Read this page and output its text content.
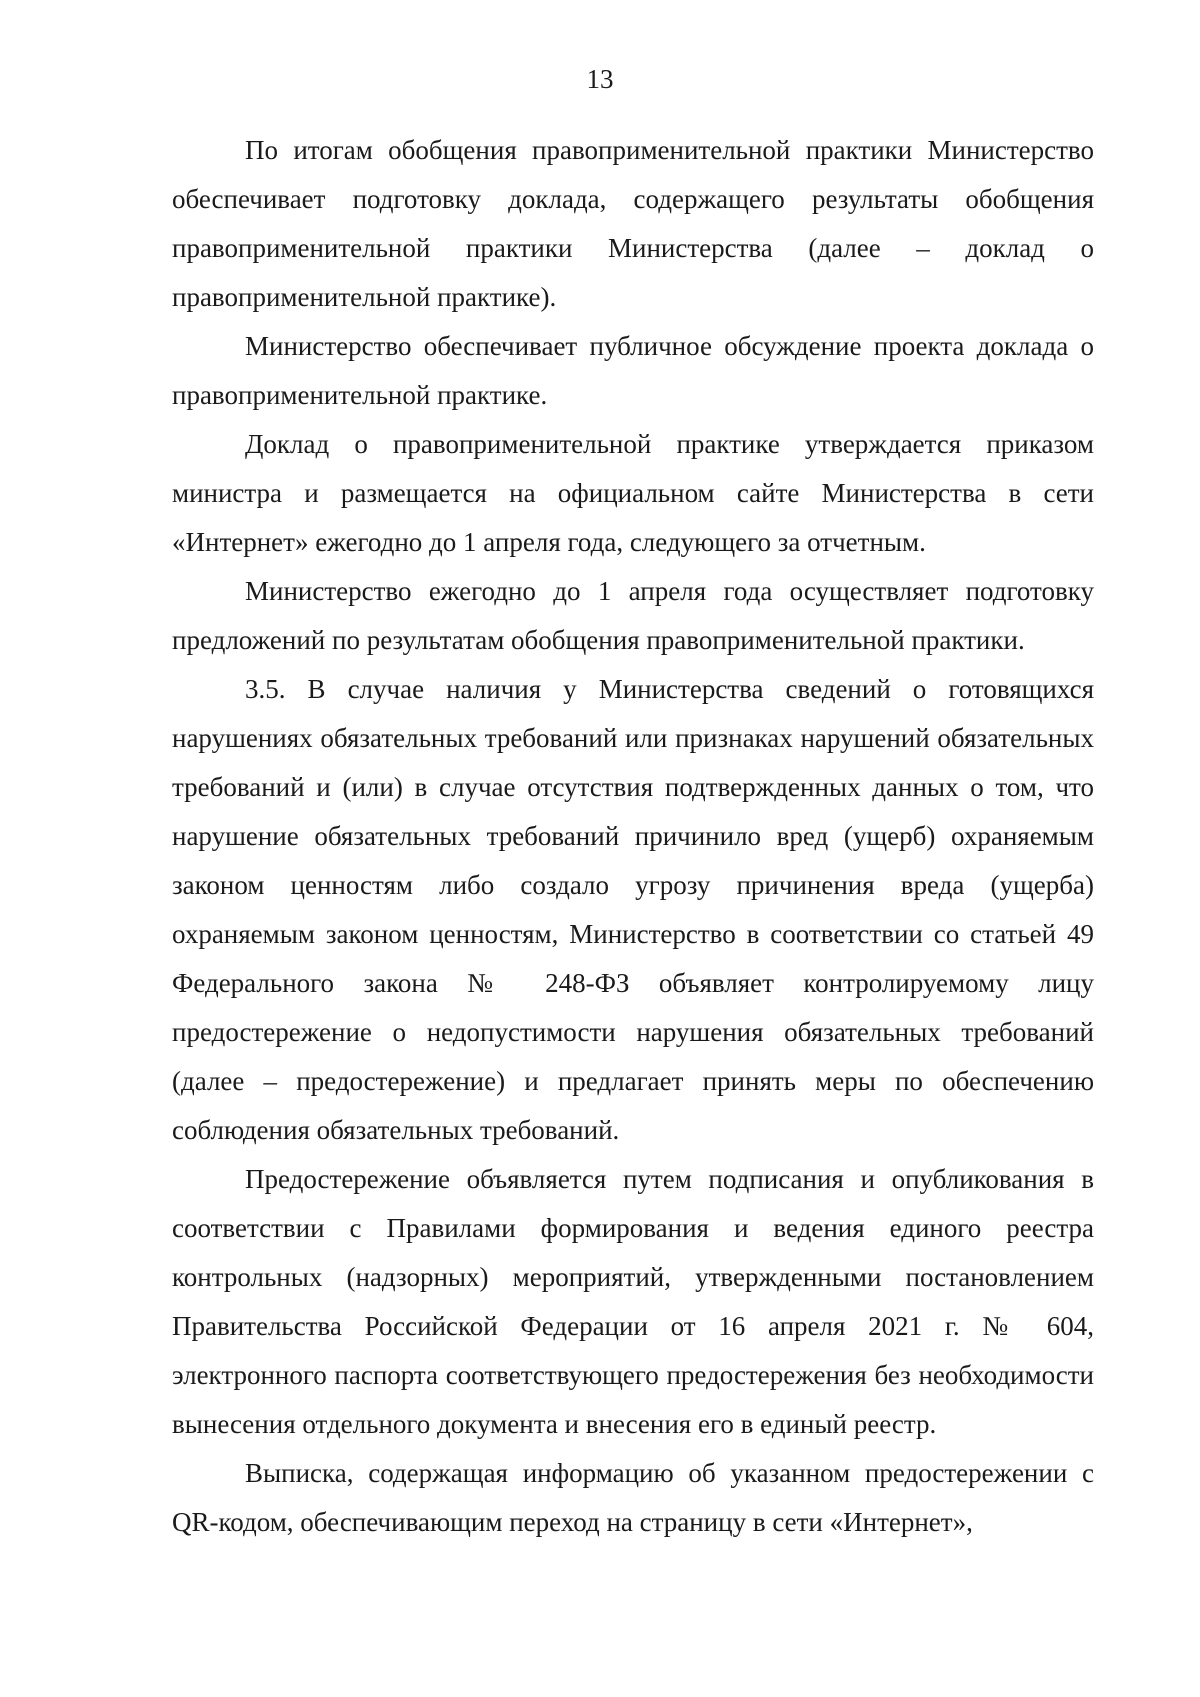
13

По итогам обобщения правоприменительной практики Министерство обеспечивает подготовку доклада, содержащего результаты обобщения правоприменительной практики Министерства (далее – доклад о правоприменительной практике).

Министерство обеспечивает публичное обсуждение проекта доклада о правоприменительной практике.

Доклад о правоприменительной практике утверждается приказом министра и размещается на официальном сайте Министерства в сети «Интернет» ежегодно до 1 апреля года, следующего за отчетным.

Министерство ежегодно до 1 апреля года осуществляет подготовку предложений по результатам обобщения правоприменительной практики.

3.5. В случае наличия у Министерства сведений о готовящихся нарушениях обязательных требований или признаках нарушений обязательных требований и (или) в случае отсутствия подтвержденных данных о том, что нарушение обязательных требований причинило вред (ущерб) охраняемым законом ценностям либо создало угрозу причинения вреда (ущерба) охраняемым законом ценностям, Министерство в соответствии со статьей 49 Федерального закона № 248-ФЗ объявляет контролируемому лицу предостережение о недопустимости нарушения обязательных требований (далее – предостережение) и предлагает принять меры по обеспечению соблюдения обязательных требований.

Предостережение объявляется путем подписания и опубликования в соответствии с Правилами формирования и ведения единого реестра контрольных (надзорных) мероприятий, утвержденными постановлением Правительства Российской Федерации от 16 апреля 2021 г. № 604, электронного паспорта соответствующего предостережения без необходимости вынесения отдельного документа и внесения его в единый реестр.

Выписка, содержащая информацию об указанном предостережении с QR-кодом, обеспечивающим переход на страницу в сети «Интернет»,
